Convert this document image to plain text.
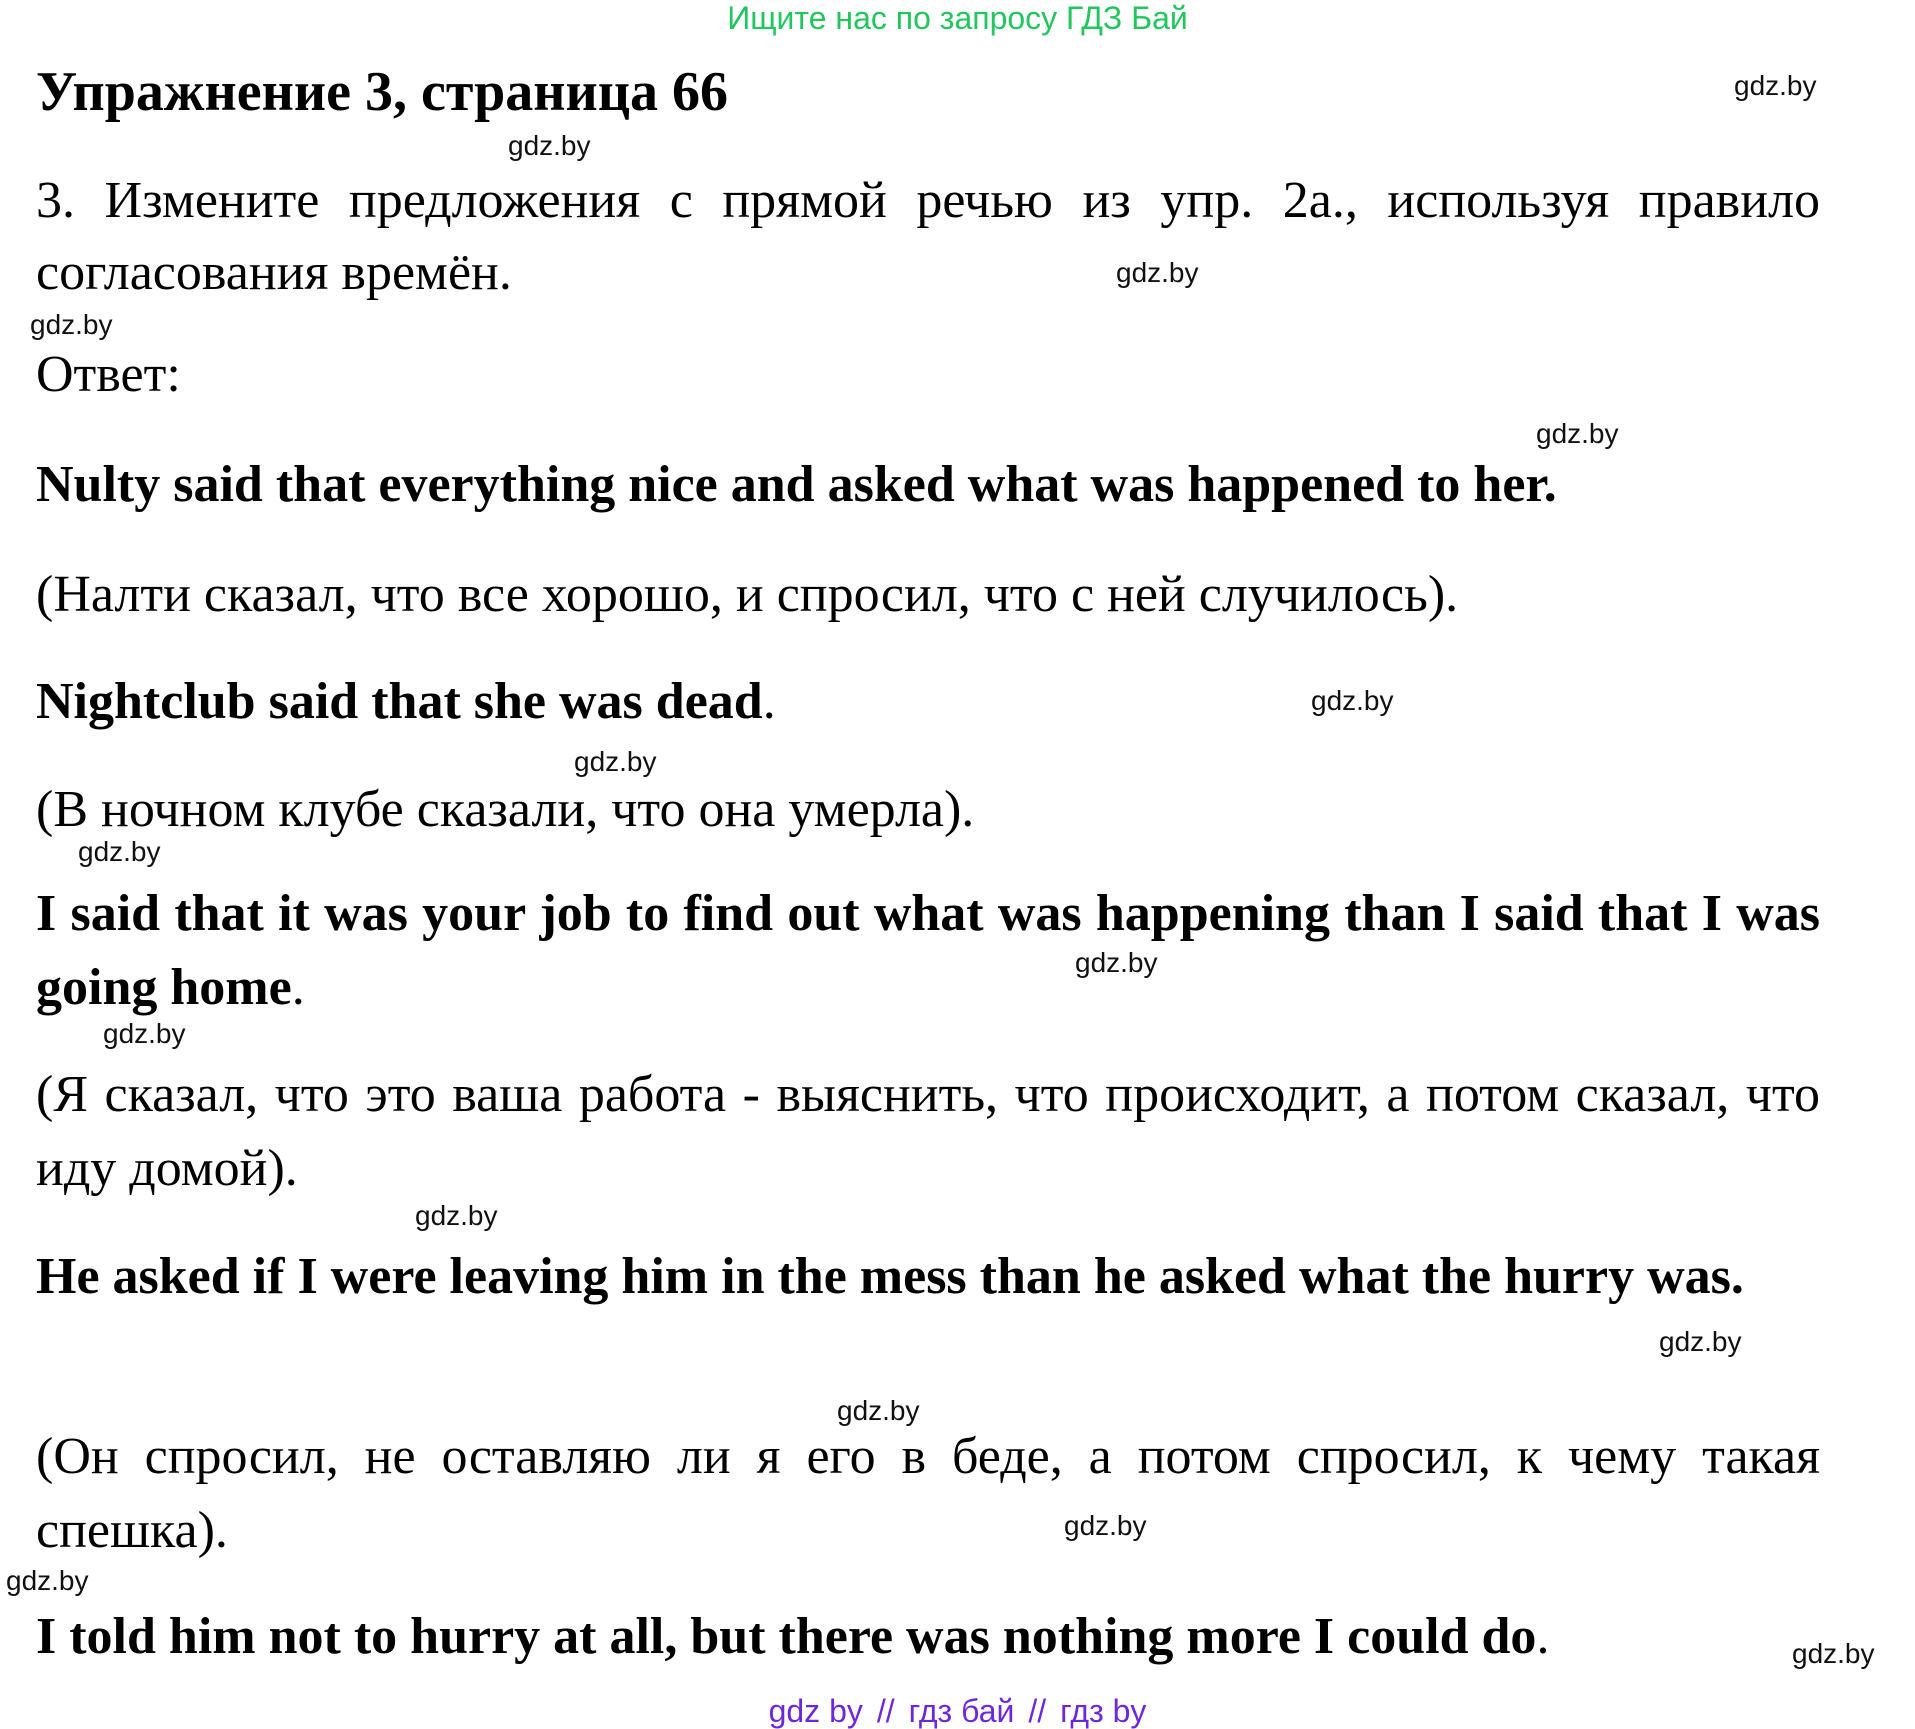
Ищите нас по запросу ГДЗ Бай
Упражнение 3, страница 66
3. Измените предложения с прямой речью из упр. 2а., используя правило согласования времён.
Ответ:
Nulty said that everything nice and asked what was happened to her.
(Налти сказал, что все хорошо, и спросил, что с ней случилось).
Nightclub said that she was dead.
(В ночном клубе сказали, что она умерла).
I said that it was your job to find out what was happening than I said that I was going home.
(Я сказал, что это ваша работа - выяснить, что происходит, а потом сказал, что иду домой).
He asked if I were leaving him in the mess than he asked what the hurry was.
(Он спросил, не оставляю ли я его в беде, а потом спросил, к чему такая спешка).
I told him not to hurry at all, but there was nothing more I could do.
gdz.by
gdz.by
gdz.by
gdz.by
gdz.by
gdz.by
gdz.by
gdz.by
gdz.by
gdz.by
gdz.by
gdz.by
gdz.by
gdz.by
gdz.by
gdz.by
gdz by // гдз бай // гдз by
